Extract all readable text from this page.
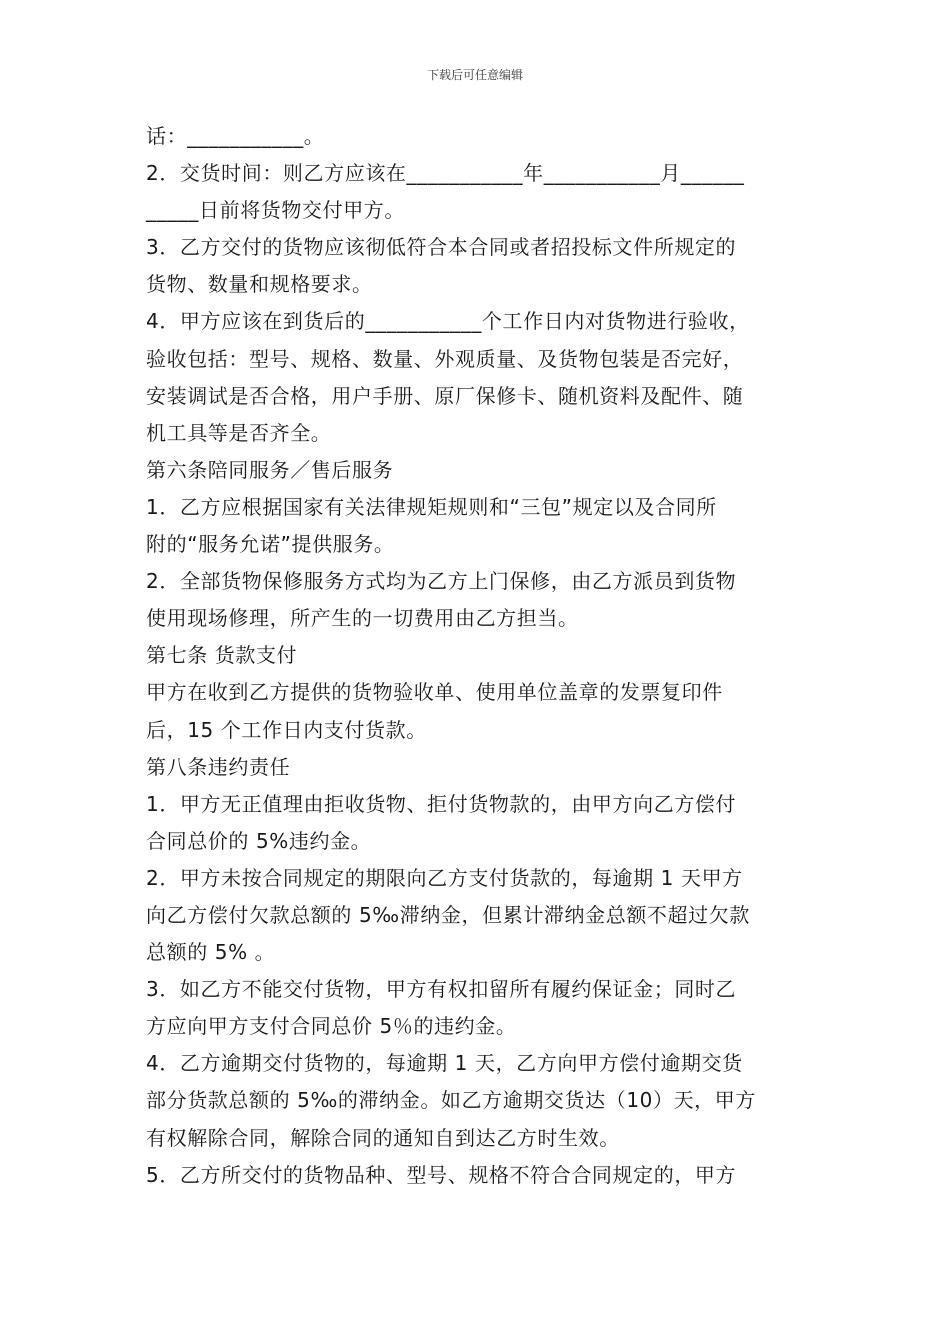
下载后可任意编辑
话：___________。
2．交货时间：则乙方应该在___________年___________月______
_____日前将货物交付甲方。
3．乙方交付的货物应该彻低符合本合同或者招投标文件所规定的
货物、数量和规格要求。
4．甲方应该在到货后的___________个工作日内对货物进行验收，
验收包括：型号、规格、数量、外观质量、及货物包装是否完好，
安装调试是否合格，用户手册、原厂保修卡、随机资料及配件、随
机工具等是否齐全。
第六条陪同服务／售后服务
1．乙方应根据国家有关法律规矩规则和“三包”规定以及合同所
附的“服务允诺”提供服务。
2．全部货物保修服务方式均为乙方上门保修，由乙方派员到货物
使用现场修理，所产生的一切费用由乙方担当。
第七条 货款支付
甲方在收到乙方提供的货物验收单、使用单位盖章的发票复印件
后，15 个工作日内支付货款。
第八条违约责任
1．甲方无正值理由拒收货物、拒付货物款的，由甲方向乙方偿付
合同总价的 5%违约金。
2．甲方未按合同规定的期限向乙方支付货款的，每逾期 1 天甲方
向乙方偿付欠款总额的 5‰滞纳金，但累计滞纳金总额不超过欠款
总额的 5% 。
3．如乙方不能交付货物，甲方有权扣留所有履约保证金；同时乙
方应向甲方支付合同总价 5％的违约金。
4．乙方逾期交付货物的，每逾期 1 天，乙方向甲方偿付逾期交货
部分货款总额的 5‰的滞纳金。如乙方逾期交货达（10）天，甲方
有权解除合同，解除合同的通知自到达乙方时生效。
5．乙方所交付的货物品种、型号、规格不符合合同规定的，甲方
